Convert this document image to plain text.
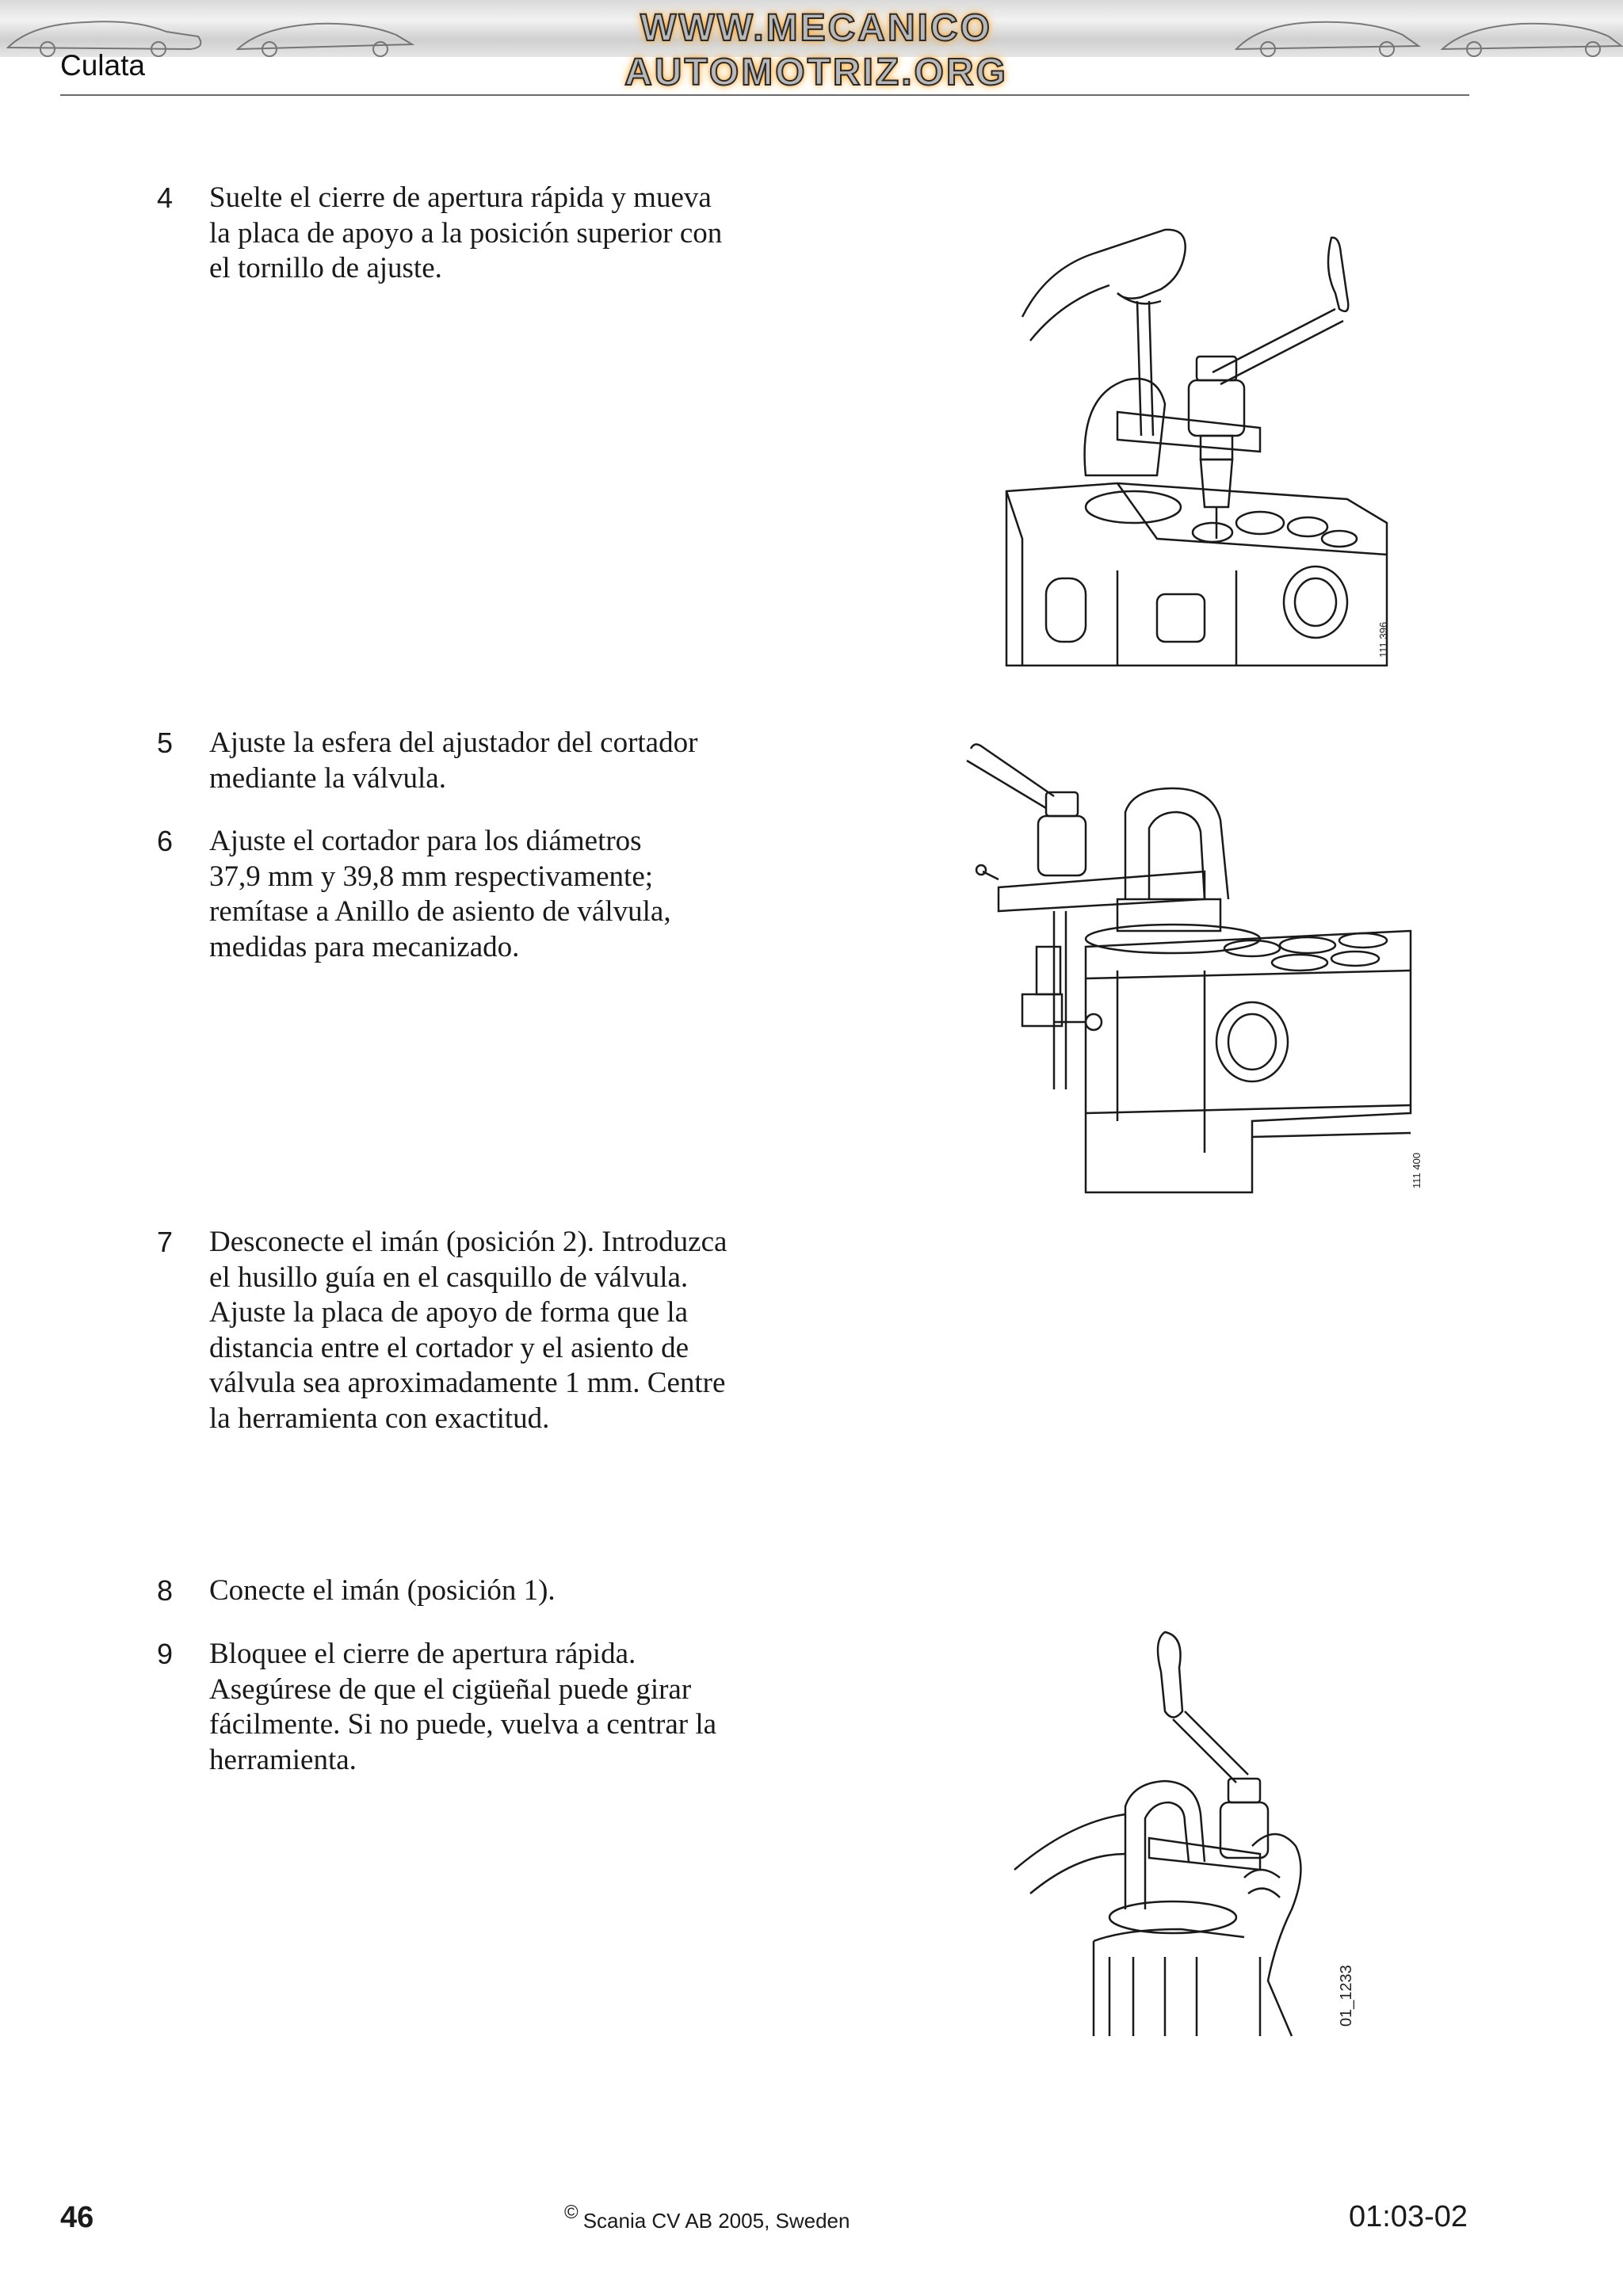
WWW.MECANICO AUTOMOTRIZ.ORG
Culata
4 Suelte el cierre de apertura rápida y mueva
la placa de apoyo a la posición superior con
el tornillo de ajuste.
5 Ajuste la esfera del ajustador del cortador
mediante la válvula.
6 Ajuste el cortador para los diámetros
37,9 mm y 39,8 mm respectivamente;
remítase a Anillo de asiento de válvula,
medidas para mecanizado.
7 Desconecte el imán (posición 2). Introduzca
el husillo guía en el casquillo de válvula.
Ajuste la placa de apoyo de forma que la
distancia entre el cortador y el asiento de
válvula sea aproximadamente 1 mm. Centre
la herramienta con exactitud.
8 Conecte el imán (posición 1).
9 Bloquee el cierre de apertura rápida.
Asegúrese de que el cigüeñal puede girar
fácilmente. Si no puede, vuelva a centrar la
herramienta.
111 396
111 400
01_1233
46	© Scania CV AB 2005, Sweden	01:03-02
